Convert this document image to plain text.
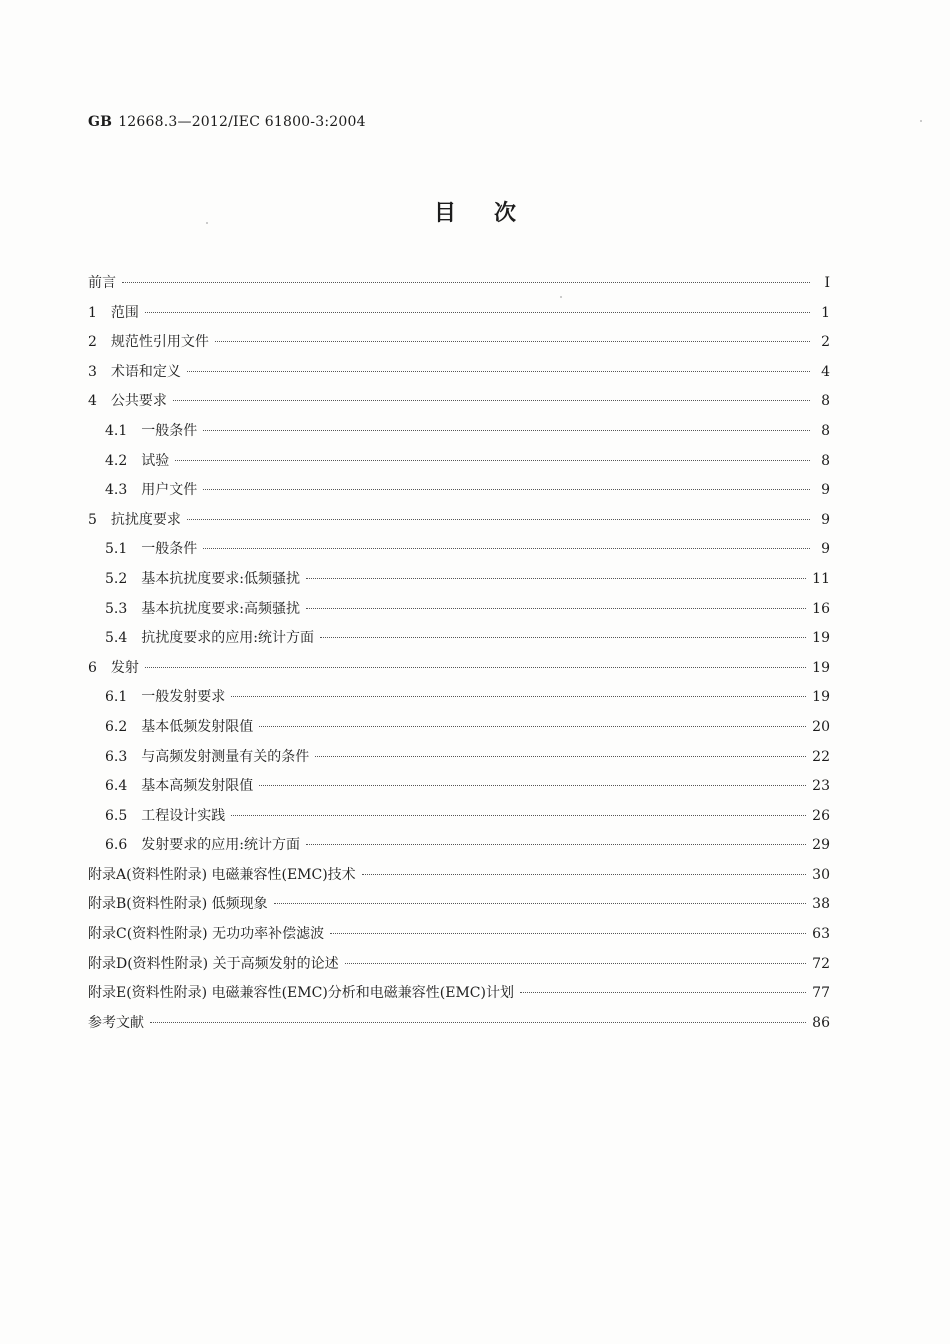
GB 12668.3—2012/IEC 61800-3:2004
目次
前言	Ⅰ
1 范围	1
2 规范性引用文件	2
3 术语和定义	4
4 公共要求	8
4.1 一般条件	8
4.2 试验	8
4.3 用户文件	9
5 抗扰度要求	9
5.1 一般条件	9
5.2 基本抗扰度要求:低频骚扰	11
5.3 基本抗扰度要求:高频骚扰	16
5.4 抗扰度要求的应用:统计方面	19
6 发射	19
6.1 一般发射要求	19
6.2 基本低频发射限值	20
6.3 与高频发射测量有关的条件	22
6.4 基本高频发射限值	23
6.5 工程设计实践	26
6.6 发射要求的应用:统计方面	29
附录A(资料性附录) 电磁兼容性(EMC)技术	30
附录B(资料性附录) 低频现象	38
附录C(资料性附录) 无功功率补偿滤波	63
附录D(资料性附录) 关于高频发射的论述	72
附录E(资料性附录) 电磁兼容性(EMC)分析和电磁兼容性(EMC)计划	77
参考文献	86
